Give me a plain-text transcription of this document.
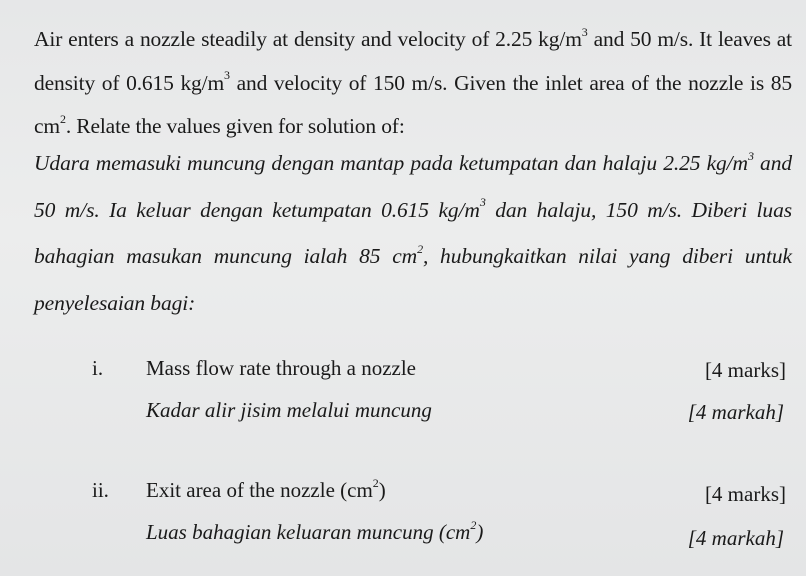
Air enters a nozzle steadily at density and velocity of 2.25 $kg/m^3$ and 50 m/s. It leaves at density of 0.615 $kg/m^3$ and velocity of 150 m/s. Given the inlet area of the nozzle is 85 $cm^2$. Relate the values given for solution of:
Udara memasuki muncung dengan mantap pada ketumpatan dan halaju 2.25 $kg/m^3$ and 50 m/s. Ia keluar dengan ketumpatan 0.615 $kg/m^3$ dan halaju, 150 m/s. Diberi luas bahagian masukan muncung ialah 85 $cm^2$, hubungkaitkan nilai yang diberi untuk penyelesaian bagi:
i. Mass flow rate through a nozzle
Kadar alir jisim melalui muncung
[4 marks]
[4 markah]
ii. Exit area of the nozzle $(cm^2)$
Luas bahagian keluaran muncung $(cm^2)$
[4 marks]
[4 markah]
